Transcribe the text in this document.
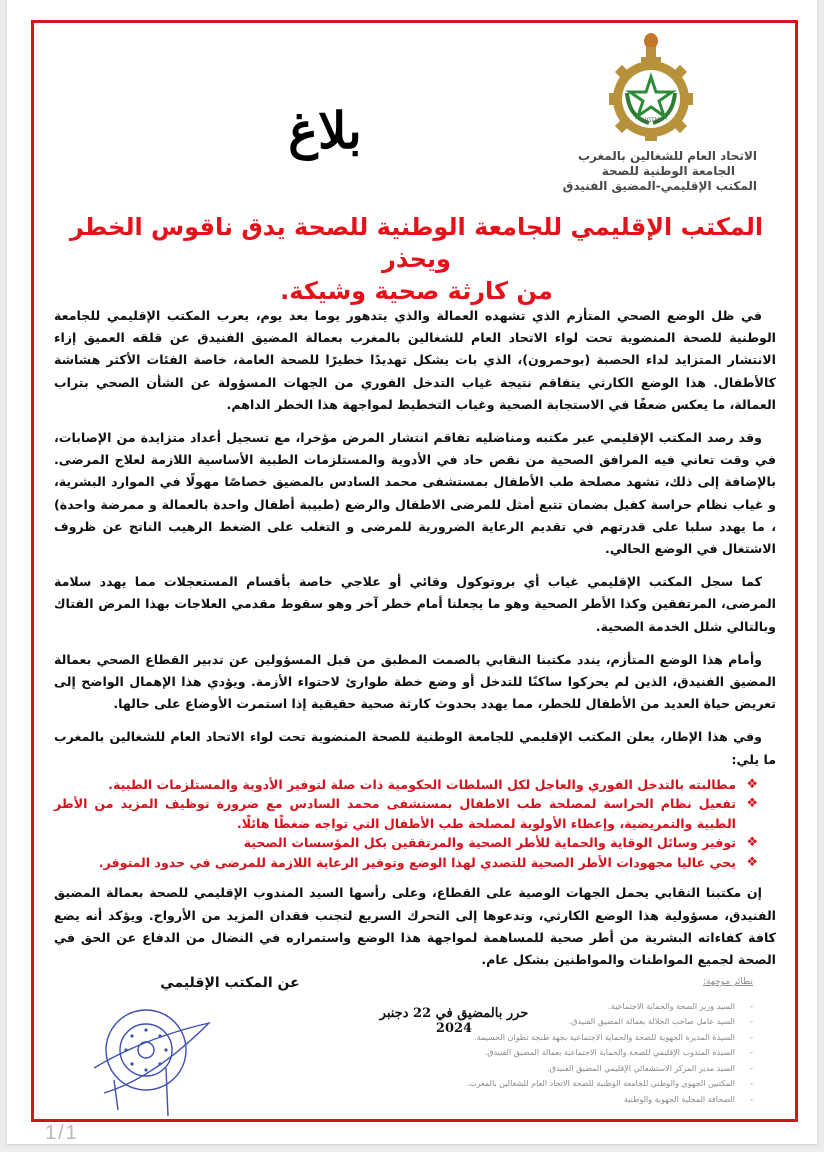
UGTM
الاتحاد العام للشغالين بالمغرب
الجامعة الوطنية للصحة
المكتب الإقليمي-المضيق الفنيدق
بلاغ
المكتب الإقليمي للجامعة الوطنية للصحة يدق ناقوس الخطر ويحذر
من كارثة صحية وشيكة.

في ظل الوضع الصحي المتأزم الذي تشهده العمالة والذي يتدهور يوما بعد يوم، يعرب المكتب الإقليمي للجامعة الوطنية للصحة المنضوية تحت لواء الاتحاد العام للشغالين بالمغرب بعمالة المضيق الفنيدق عن قلقه العميق إزاء الانتشار المتزايد لداء الحصبة (بوحمرون)، الذي بات يشكل تهديدًا خطيرًا للصحة العامة، خاصة الفئات الأكثر هشاشة كالأطفال. هذا الوضع الكارثي يتفاقم نتيجة غياب التدخل الفوري من الجهات المسؤولة عن الشأن الصحي بتراب العمالة، ما يعكس ضعفًا في الاستجابة الصحية وغياب التخطيط لمواجهة هذا الخطر الداهم.

وقد رصد المكتب الإقليمي عبر مكتبه ومناضليه تفاقم انتشار المرض مؤخرا، مع تسجيل أعداد متزايدة من الإصابات، في وقت تعاني فيه المرافق الصحية من نقص حاد في الأدوية والمستلزمات الطبية الأساسية اللازمة لعلاج المرضى. بالإضافة إلى ذلك، تشهد مصلحة طب الأطفال بمستشفى محمد السادس بالمضيق خصاصًا مهولًا في الموارد البشرية، و غياب نظام حراسة كفيل بضمان تتبع أمثل للمرضى الاطفال والرضع (طبيبة أطفال واحدة بالعمالة و ممرضة واحدة) ، ما يهدد سلبا على قدرتهم في تقديم الرعاية الضرورية للمرضى و التغلب على الضغط الرهيب الناتج عن ظروف الاشتغال في الوضع الحالي.

كما سجل المكتب الإقليمي غياب أي بروتوكول وقائي أو علاجي خاصة بأقسام المستعجلات مما يهدد سلامة المرضى، المرتفقين وكذا الأطر الصحية وهو ما يجعلنا أمام خطر آخر وهو سقوط مقدمي العلاجات بهذا المرض الفتاك وبالتالي شلل الخدمة الصحية.

وأمام هذا الوضع المتأزم، يندد مكتبنا النقابي بالصمت المطبق من قبل المسؤولين عن تدبير القطاع الصحي بعمالة المضيق الفنيدق، الذين لم يحركوا ساكنًا للتدخل أو وضع خطة طوارئ لاحتواء الأزمة. ويؤدي هذا الإهمال الواضح إلى تعريض حياة العديد من الأطفال للخطر، مما يهدد بحدوث كارثة صحية حقيقية إذا استمرت الأوضاع على حالها.

وفي هذا الإطار، يعلن المكتب الإقليمي للجامعة الوطنية للصحة المنضوية تحت لواء الاتحاد العام للشغالين بالمغرب ما يلي:

❖
مطالبته بالتدخل الفوري والعاجل لكل السلطات الحكومية ذات صلة لتوفير الأدوية والمستلزمات الطبية.
❖
تفعيل نظام الحراسة لمصلحة طب الاطفال بمستشفى محمد السادس مع ضرورة توظيف المزيد من الأطر الطبية والتمريضية، وإعطاء الأولوية لمصلحة طب الأطفال التي تواجه ضغطًا هائلًا.
❖
توفير وسائل الوقاية والحماية للأطر الصحية والمرتفقين بكل المؤسسات الصحية
❖
يحي عاليا مجهودات الأطر الصحية للتصدي لهذا الوضع وتوفير الرعاية اللازمة للمرضى في حدود المتوفر.

إن مكتبنا النقابي يحمل الجهات الوصية على القطاع، وعلى رأسها السيد المندوب الإقليمي للصحة بعمالة المضيق الفنيدق، مسؤولية هذا الوضع الكارثي، وتدعوها إلى التحرك السريع لتجنب فقدان المزيد من الأرواح. ويؤكد أنه يضع كافة كفاءاته البشرية من أطر صحية للمساهمة لمواجهة هذا الوضع واستمراره في النضال من الدفاع عن الحق في الصحة لجميع المواطنات والمواطنين بشكل عام.

نظائر موجهة:
-
السيد وزير الصحة والحماية الاجتماعية.
-
السيد عامل صاحب الجلالة بعمالة المضيق الفنيدق.
-
السيدة المديرة الجهوية للصحة والحماية الاجتماعية بجهة طنجة تطوان الحسيمة.
-
السيدة المندوب الإقليمي للصحة والحماية الاجتماعية بعمالة المضيق الفنيدق.
-
السيد مدير المركز الاستشفائي الإقليمي المضيق الفنيدق.
-
المكتبين الجهوي والوطني للجامعة الوطنية للصحة الاتحاد العام للشغالين بالمغرب.
-
الصحافة المحلية الجهوية والوطنية
عن المكتب الإقليمي
حرر بالمضيق في 22 دجنبر 2024
1/1
